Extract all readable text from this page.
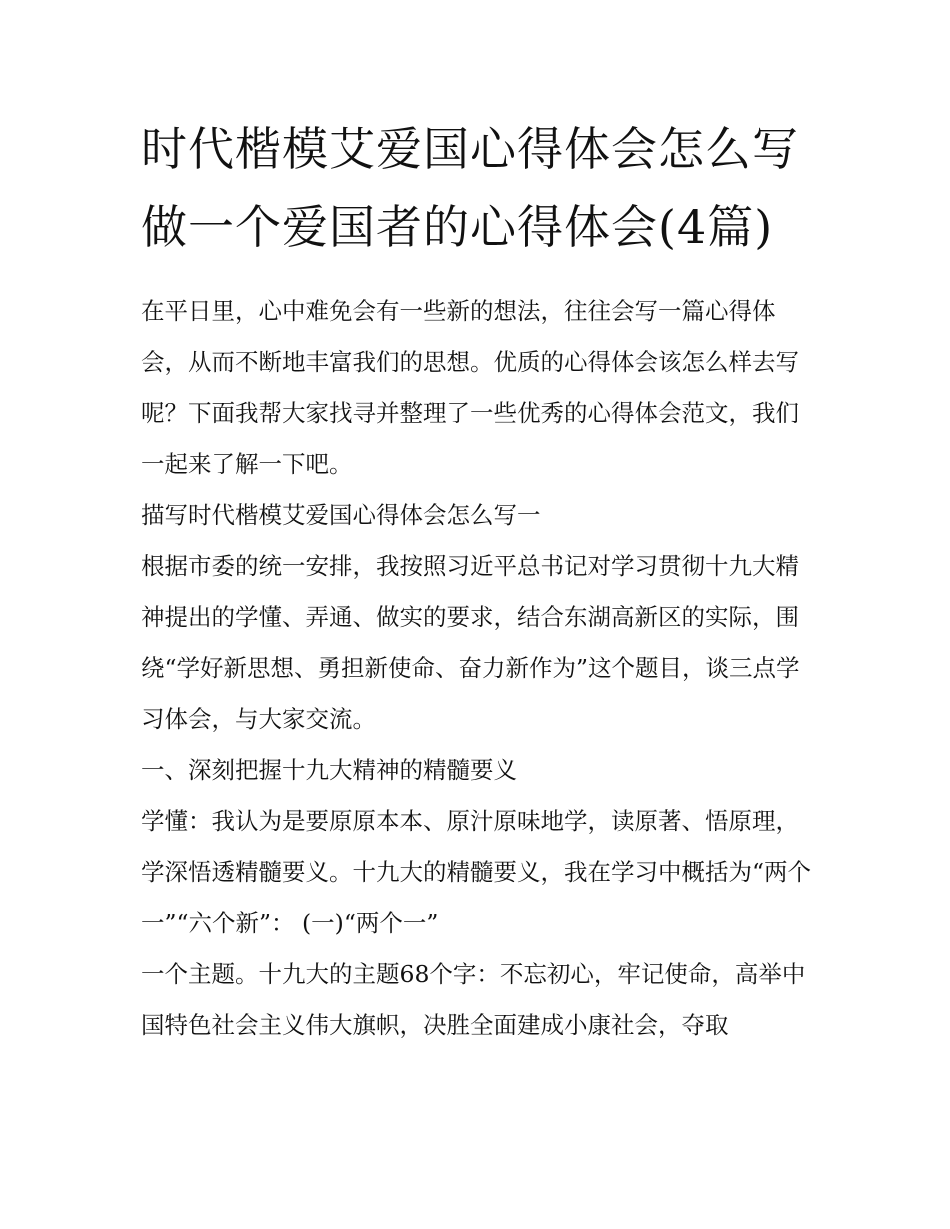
时代楷模艾爱国心得体会怎么写 做一个爱国者的心得体会(4篇)

在平日里，心中难免会有一些新的想法，往往会写一篇心得体会，从而不断地丰富我们的思想。优质的心得体会该怎么样去写呢？下面我帮大家找寻并整理了一些优秀的心得体会范文，我们一起来了解一下吧。

描写时代楷模艾爱国心得体会怎么写一

根据市委的统一安排，我按照习近平总书记对学习贯彻十九大精神提出的学懂、弄通、做实的要求，结合东湖高新区的实际，围绕“学好新思想、勇担新使命、奋力新作为”这个题目，谈三点学习体会，与大家交流。

一、深刻把握十九大精神的精髓要义

学懂：我认为是要原原本本、原汁原味地学，读原著、悟原理，学深悟透精髓要义。十九大的精髓要义，我在学习中概括为“两个一”“六个新”： (一)“两个一”

一个主题。十九大的主题68个字：不忘初心，牢记使命，高举中国特色社会主义伟大旗帜，决胜全面建成小康社会，夺取
